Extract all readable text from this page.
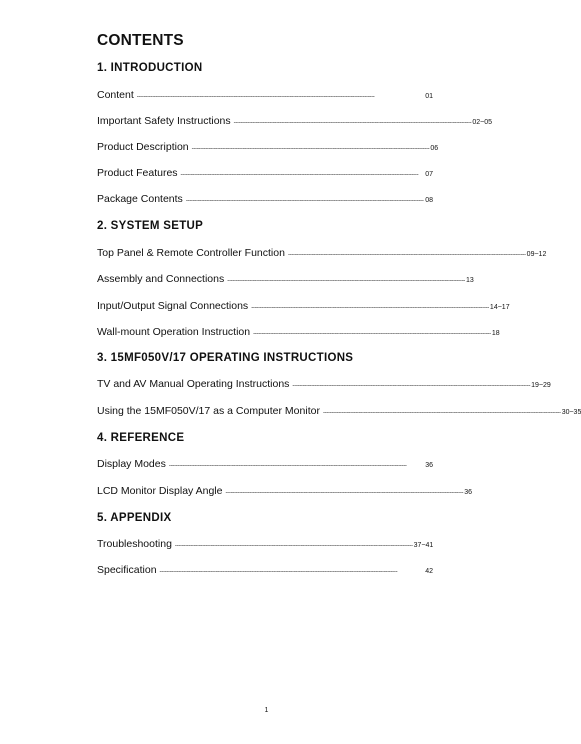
CONTENTS
1. INTRODUCTION
Content --------------------------------------------------------------------------------------------------------------------------------------------	01
Important Safety Instructions -------------------------------------------------------------------------------------------------------------------------------------------- 02~05
Product Description -------------------------------------------------------------------------------------------------------------------------------------------- 06
Product Features -------------------------------------------------------------------------------------------------------------------------------------------- 07
Package Contents -------------------------------------------------------------------------------------------------------------------------------------------- 08
2. SYSTEM SETUP
Top Panel & Remote Controller Function -------------------------------------------------------------------------------------------------------------------------------------------- 09~12
Assembly and Connections -------------------------------------------------------------------------------------------------------------------------------------------- 13
Input/Output Signal Connections -------------------------------------------------------------------------------------------------------------------------------------------- 14~17
Wall-mount Operation Instruction -------------------------------------------------------------------------------------------------------------------------------------------- 18
3. 15MF050V/17 OPERATING INSTRUCTIONS
TV and AV Manual Operating Instructions -------------------------------------------------------------------------------------------------------------------------------------------- 19~29
Using the 15MF050V/17 as a Computer Monitor -------------------------------------------------------------------------------------------------------------------------------------------- 30~35
4. REFERENCE
Display Modes --------------------------------------------------------------------------------------------------------------------------------------------	36
LCD Monitor Display Angle -------------------------------------------------------------------------------------------------------------------------------------------- 36
5. APPENDIX
Troubleshooting -------------------------------------------------------------------------------------------------------------------------------------------- 37~41
Specification --------------------------------------------------------------------------------------------------------------------------------------------	42
1
